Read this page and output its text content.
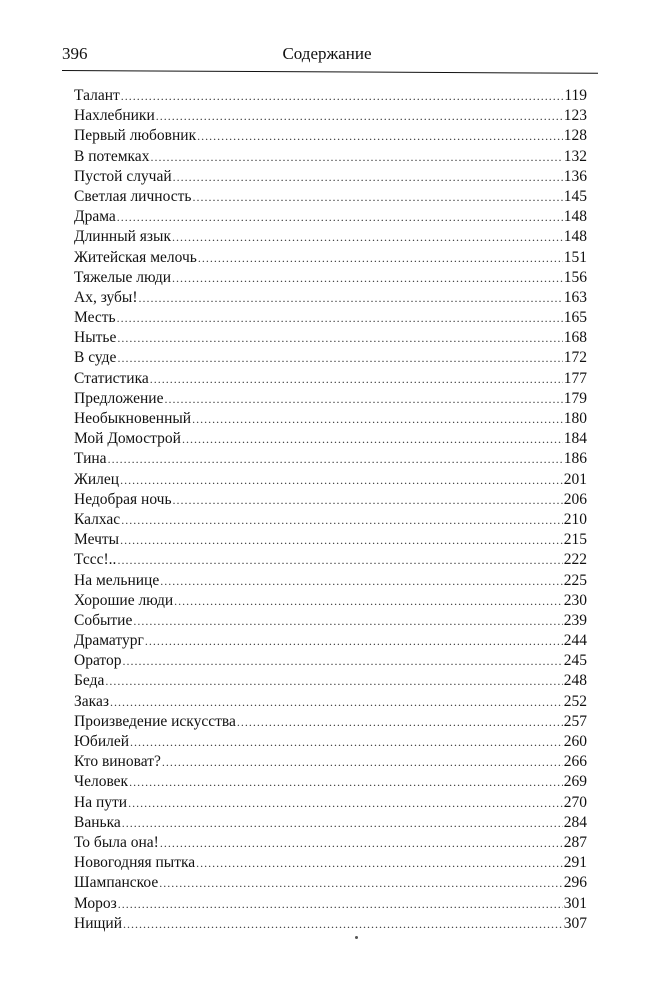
396	Содержание
Талант . . .	119
Нахлебники . . .	123
Первый любовник . . .	128
В потемках . . .	132
Пустой случай . . .	136
Светлая личность . . .	145
Драма . . .	148
Длинный язык . . .	148
Житейская мелочь . . .	151
Тяжелые люди . . .	156
Ах, зубы! . . .	163
Месть . . .	165
Нытье . . .	168
В суде . . .	172
Статистика . . .	177
Предложение . . .	179
Необыкновенный . . .	180
Мой Домострой . . .	184
Тина . . .	186
Жилец . . .	201
Недобрая ночь . . .	206
Калхас . . .	210
Мечты . . .	215
Тссс!.. . . .	222
На мельнице . . .	225
Хорошие люди . . .	230
Событие . . .	239
Драматург . . .	244
Оратор . . .	245
Беда . . .	248
Заказ . . .	252
Произведение искусства . . .	257
Юбилей . . .	260
Кто виноват? . . .	266
Человек . . .	269
На пути . . .	270
Ванька . . .	284
То была она! . . .	287
Новогодняя пытка . . .	291
Шампанское . . .	296
Мороз . . .	301
Нищий . . .	307
